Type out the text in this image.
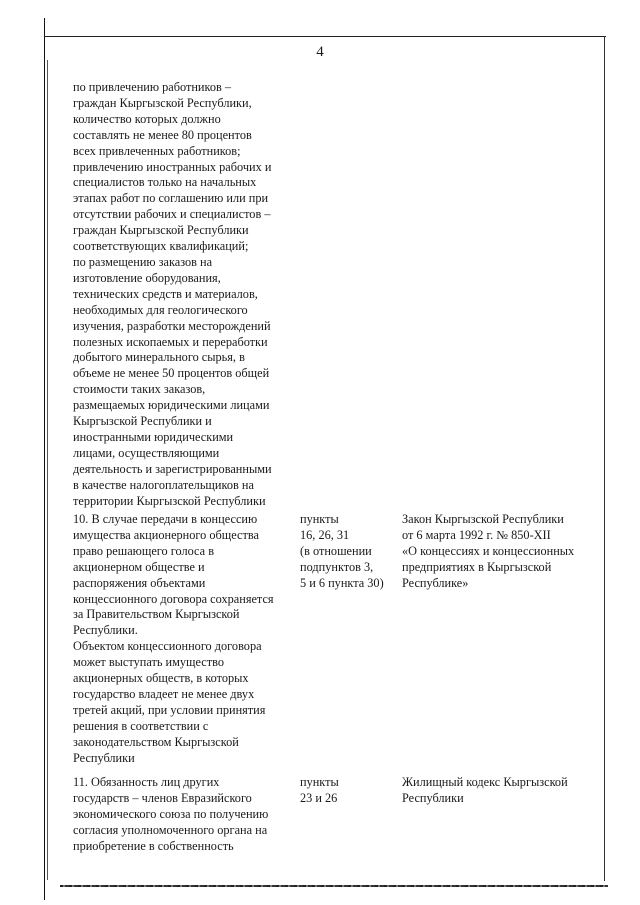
4

по привлечению работников –
граждан Кыргызской Республики,
количество которых должно
составлять не менее 80 процентов
всех привлеченных работников;
привлечению иностранных рабочих и
специалистов только на начальных
этапах работ по соглашению или при
отсутствии рабочих и специалистов –
граждан Кыргызской Республики
соответствующих квалификаций;
по размещению заказов на
изготовление оборудования,
технических средств и материалов,
необходимых для геологического
изучения, разработки месторождений
полезных ископаемых и переработки
добытого минерального сырья, в
объеме не менее 50 процентов общей
стоимости таких заказов,
размещаемых юридическими лицами
Кыргызской Республики и
иностранными юридическими
лицами, осуществляющими
деятельность и зарегистрированными
в качестве налогоплательщиков на
территории Кыргызской Республики

10. В случае передачи в концессию
имущества акционерного общества
право решающего голоса в
акционерном обществе и
распоряжения объектами
концессионного договора сохраняется
за Правительством Кыргызской
Республики.
Объектом концессионного договора
может выступать имущество
акционерных обществ, в которых
государство владеет не менее двух
третей акций, при условии принятия
решения в соответствии с
законодательством Кыргызской
Республики

пункты
16, 26, 31
(в отношении
подпунктов 3,
5 и 6 пункта 30)

Закон Кыргызской Республики
от 6 марта 1992 г. № 850-XII
«О концессиях и концессионных
предприятиях в Кыргызской
Республике»

11. Обязанность лиц других
государств – членов Евразийского
экономического союза по получению
согласия уполномоченного органа на
приобретение в собственность

пункты
23 и 26

Жилищный кодекс Кыргызской
Республики
